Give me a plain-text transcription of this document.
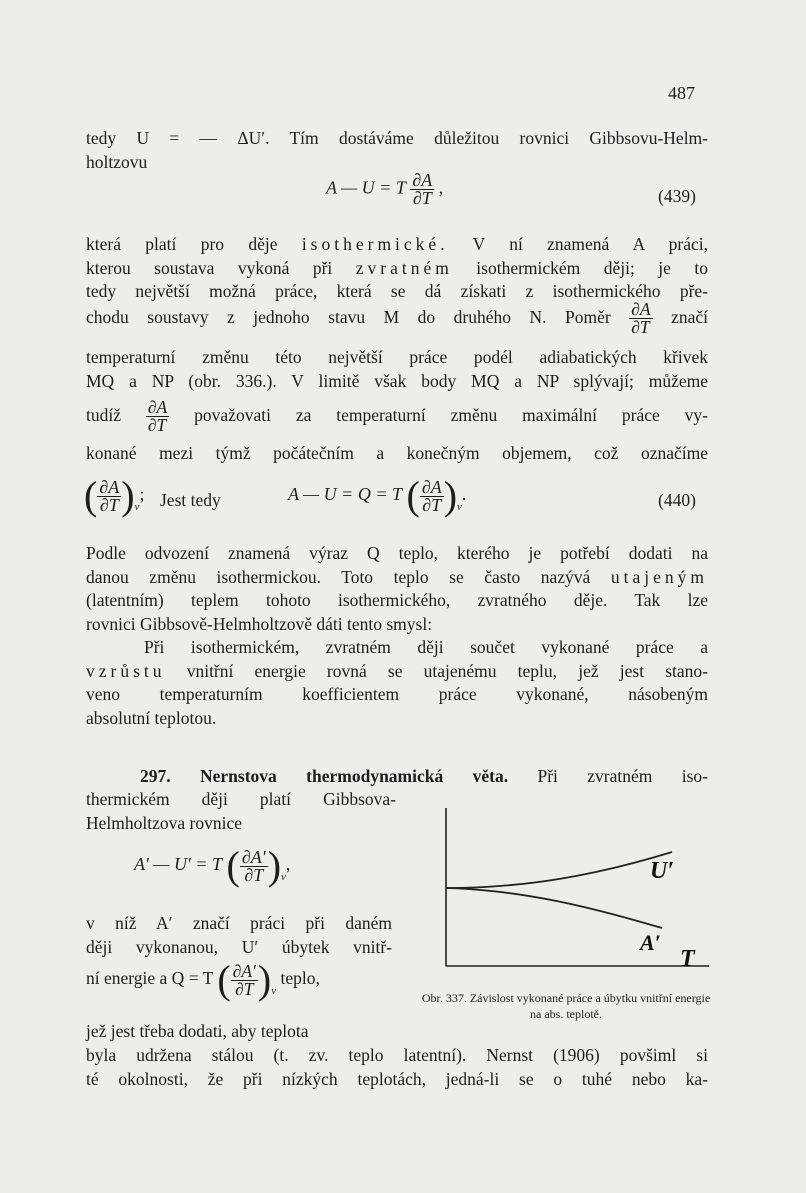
487
tedy U = — ΔU′. Tím dostáváme důležitou rovnici Gibbsovu-Helm-
holtzovu
A — U = T $\frac{\partial A}{\partial T}$ ,	(439)
která platí pro děje isothermické. V ní znamená A práci,
kterou soustava vykoná při zvratném isothermickém ději; je to
tedy největší možná práce, která se dá získati z isothermického pře-
chodu soustavy z jednoho stavu M do druhého N. Poměr $\frac{\partial A}{\partial T}$ značí
temperaturní změnu této největší práce podél adiabatických křivek
MQ a NP (obr. 336.). V limitě však body MQ a NP splývají; můžeme
tudíž $\frac{\partial A}{\partial T}$ považovati za temperaturní změnu maximální práce vy-
konané mezi týmž počátečním a konečným objemem, což označíme
( $\frac{\partial A}{\partial T} )_v$; Jest tedy	A — U = Q = T ( $\frac{\partial A}{\partial T} )_v$.	(440)
Podle odvození znamená výraz Q teplo, kterého je potřebí dodati na
danou změnu isothermickou. Toto teplo se často nazývá utajeným
(latentním) teplem tohoto isothermického, zvratného děje. Tak lze
rovnici Gibbsově-Helmholtzově dáti tento smysl:
Při isothermickém, zvratném ději součet vykonané práce a
vzrůstu vnitřní energie rovná se utajenému teplu, jež jest stano-
veno temperaturním koefficientem práce vykonané, násobeným
absolutní teplotou.
297. Nernstova thermodynamická věta. Při zvratném iso-
thermickém ději platí Gibbsova-
Helmholtzova rovnice
A′ — U′ = T ( $\frac{\partial A'}{\partial T} )_v$,
v níž A′ značí práci při daném
ději vykonanou, U′ úbytek vnitř-
ní energie a Q = T ( $\frac{\partial A'}{\partial T} )_v$ teplo,
jež jest třeba dodati, aby teplota
U′
A′
T
Obr. 337. Závislost vykonané práce a úbytku vnitřní energie na abs. teplotě.
byla udržena stálou (t. zv. teplo latentní). Nernst (1906) povšiml si
té okolnosti, že při nízkých teplotách, jedná-li se o tuhé nebo ka-
